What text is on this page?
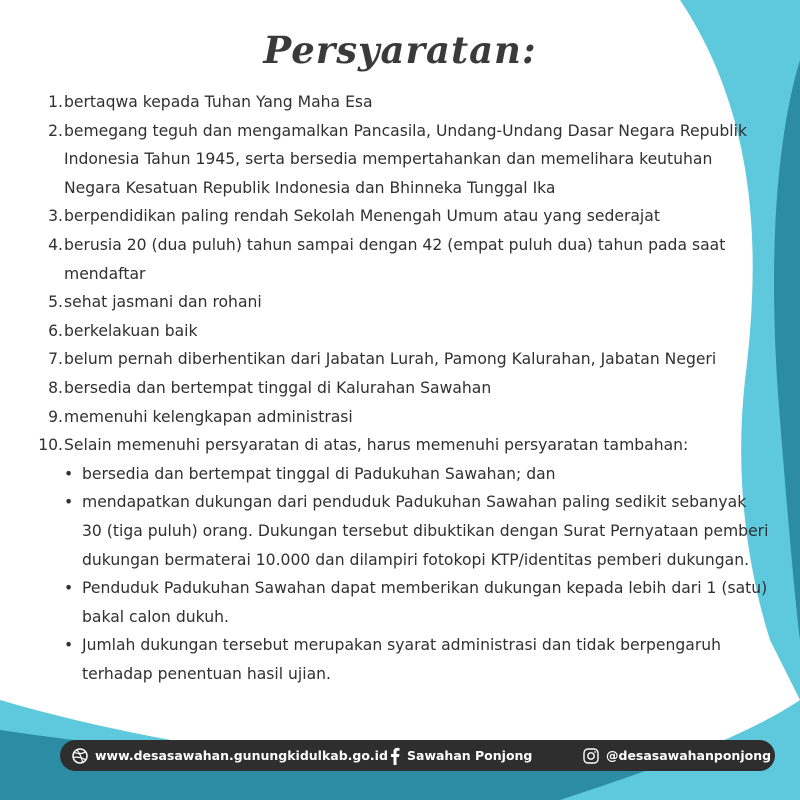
Persyaratan:
1. bertaqwa kepada Tuhan Yang Maha Esa
2. bemegang teguh dan mengamalkan Pancasila, Undang-Undang Dasar Negara Republik Indonesia Tahun 1945, serta bersedia mempertahankan dan memelihara keutuhan Negara Kesatuan Republik Indonesia dan Bhinneka Tunggal Ika
3. berpendidikan paling rendah Sekolah Menengah Umum atau yang sederajat
4. berusia 20 (dua puluh) tahun sampai dengan 42 (empat puluh dua) tahun pada saat mendaftar
5. sehat jasmani dan rohani
6. berkelakuan baik
7. belum pernah diberhentikan dari Jabatan Lurah, Pamong Kalurahan, Jabatan Negeri
8. bersedia dan bertempat tinggal di Kalurahan Sawahan
9. memenuhi kelengkapan administrasi
10. Selain memenuhi persyaratan di atas, harus memenuhi persyaratan tambahan:
• bersedia dan bertempat tinggal di Padukuhan Sawahan; dan
• mendapatkan dukungan dari penduduk Padukuhan Sawahan paling sedikit sebanyak 30 (tiga puluh) orang. Dukungan tersebut dibuktikan dengan Surat Pernyataan pemberi dukungan bermaterai 10.000 dan dilampiri fotokopi KTP/identitas pemberi dukungan.
• Penduduk Padukuhan Sawahan dapat memberikan dukungan kepada lebih dari 1 (satu) bakal calon dukuh.
• Jumlah dukungan tersebut merupakan syarat administrasi dan tidak berpengaruh terhadap penentuan hasil ujian.
www.desasawahan.gunungkidulkab.go.id Sawahan Ponjong	@desasawahanponjong
